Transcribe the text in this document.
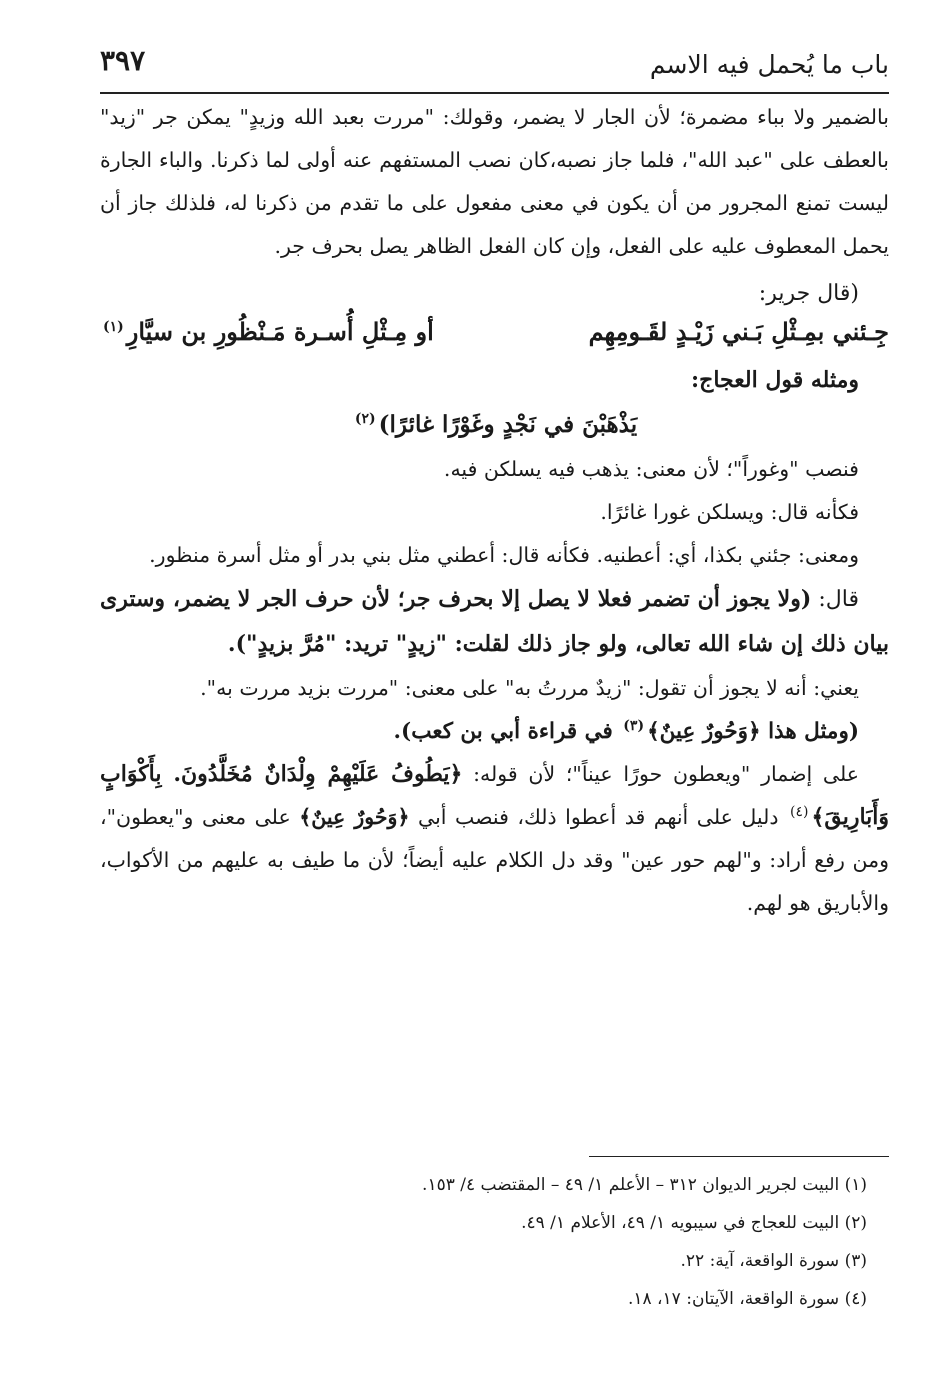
باب ما يُحمل فيه الاسم
٣٩٧

بالضمير ولا بباء مضمرة؛ لأن الجار لا يضمر، وقولك: "مررت بعبد الله وزيدٍ" يمكن جر "زيد" بالعطف على "عبد الله"، فلما جاز نصبه،كان نصب المستفهم عنه أولى لما ذكرنا. والباء الجارة ليست تمنع المجرور من أن يكون في معنى مفعول على ما تقدم من ذكرنا له، فلذلك جاز أن يحمل المعطوف عليه على الفعل، وإن كان الفعل الظاهر يصل بحرف جر.

(قال جرير:

جِـئني بمِـثْلِ بَـني زَيْـدٍ لقَـومِهِم
أو مِـثْلِ أُسـرة مَـنْظُورِ بن سيَّارِ$^{(١)}$

ومثله قول العجاج:

يَذْهَبْنَ في نَجْدٍ وغَوْرًا غائرًا)$^{(٢)}$

فنصب "وغوراً"؛ لأن معنى: يذهب فيه يسلكن فيه.

فكأنه قال: ويسلكن غورا غائرًا.

ومعنى: جئني بكذا، أي: أعطنيه. فكأنه قال: أعطني مثل بني بدر أو مثل أسرة منظور.

قال: (ولا يجوز أن تضمر فعلا لا يصل إلا بحرف جر؛ لأن حرف الجر لا يضمر، وسترى بيان ذلك إن شاء الله تعالى، ولو جاز ذلك لقلت: "زيدٍ" تريد: "مُرَّ بزيدٍ").

يعني: أنه لا يجوز أن تقول: "زيدٌ مررتُ به" على معنى: "مررت بزيد مررت به".

(ومثل هذا ﴿وَحُورٌ عِينٌ﴾$^{(٣)}$ في قراءة أبي بن كعب).

على إضمار "ويعطون حورًا عيناً"؛ لأن قوله: ﴿يَطُوفُ عَلَيْهِمْ وِلْدَانٌ مُخَلَّدُونَ. بِأَكْوَابٍ وَأَبَارِيقَ﴾$^{(٤)}$ دليل على أنهم قد أعطوا ذلك، فنصب أبي ﴿وَحُورٌ عِينٌ﴾ على معنى و"يعطون"، ومن رفع أراد: و"لهم حور عين" وقد دل الكلام عليه أيضاً؛ لأن ما طيف به عليهم من الأكواب، والأباريق هو لهم.

(١) البيت لجرير الديوان ٣١٢ – الأعلم ١/ ٤٩ – المقتضب ٤/ ١٥٣.
(٢) البيت للعجاج في سيبويه ١/ ٤٩، الأعلام ١/ ٤٩.
(٣) سورة الواقعة، آية: ٢٢.
(٤) سورة الواقعة، الآيتان: ١٧، ١٨.
